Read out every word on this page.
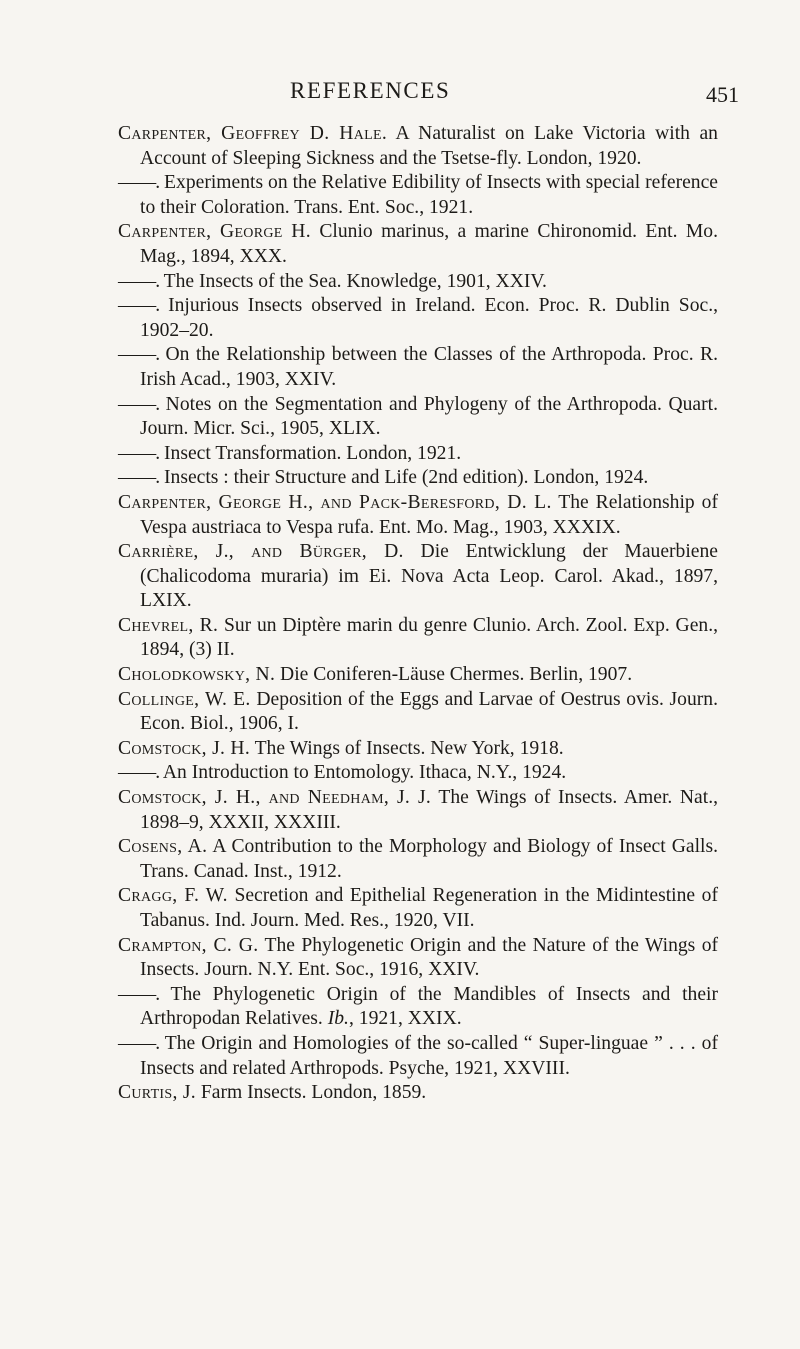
REFERENCES	451

Carpenter, Geoffrey D. Hale. A Naturalist on Lake Victoria with an Account of Sleeping Sickness and the Tsetse-fly. London, 1920.

——. Experiments on the Relative Edibility of Insects with special reference to their Coloration. Trans. Ent. Soc., 1921.

Carpenter, George H. Clunio marinus, a marine Chironomid. Ent. Mo. Mag., 1894, XXX.

——. The Insects of the Sea. Knowledge, 1901, XXIV.

——. Injurious Insects observed in Ireland. Econ. Proc. R. Dublin Soc., 1902–20.

——. On the Relationship between the Classes of the Arthropoda. Proc. R. Irish Acad., 1903, XXIV.

——. Notes on the Segmentation and Phylogeny of the Arthropoda. Quart. Journ. Micr. Sci., 1905, XLIX.

——. Insect Transformation. London, 1921.

——. Insects : their Structure and Life (2nd edition). London, 1924.

Carpenter, George H., and Pack-Beresford, D. L. The Relationship of Vespa austriaca to Vespa rufa. Ent. Mo. Mag., 1903, XXXIX.

Carrière, J., and Bürger, D. Die Entwicklung der Mauerbiene (Chalicodoma muraria) im Ei. Nova Acta Leop. Carol. Akad., 1897, LXIX.

Chevrel, R. Sur un Diptère marin du genre Clunio. Arch. Zool. Exp. Gen., 1894, (3) II.

Cholodkowsky, N. Die Coniferen-Läuse Chermes. Berlin, 1907.

Collinge, W. E. Deposition of the Eggs and Larvae of Oestrus ovis. Journ. Econ. Biol., 1906, I.

Comstock, J. H. The Wings of Insects. New York, 1918.

——. An Introduction to Entomology. Ithaca, N.Y., 1924.

Comstock, J. H., and Needham, J. J. The Wings of Insects. Amer. Nat., 1898–9, XXXII, XXXIII.

Cosens, A. A Contribution to the Morphology and Biology of Insect Galls. Trans. Canad. Inst., 1912.

Cragg, F. W. Secretion and Epithelial Regeneration in the Midintestine of Tabanus. Ind. Journ. Med. Res., 1920, VII.

Crampton, C. G. The Phylogenetic Origin and the Nature of the Wings of Insects. Journ. N.Y. Ent. Soc., 1916, XXIV.

——. The Phylogenetic Origin of the Mandibles of Insects and their Arthropodan Relatives. Ib., 1921, XXIX.

——. The Origin and Homologies of the so-called “ Super-linguae ” . . . of Insects and related Arthropods. Psyche, 1921, XXVIII.

Curtis, J. Farm Insects. London, 1859.
